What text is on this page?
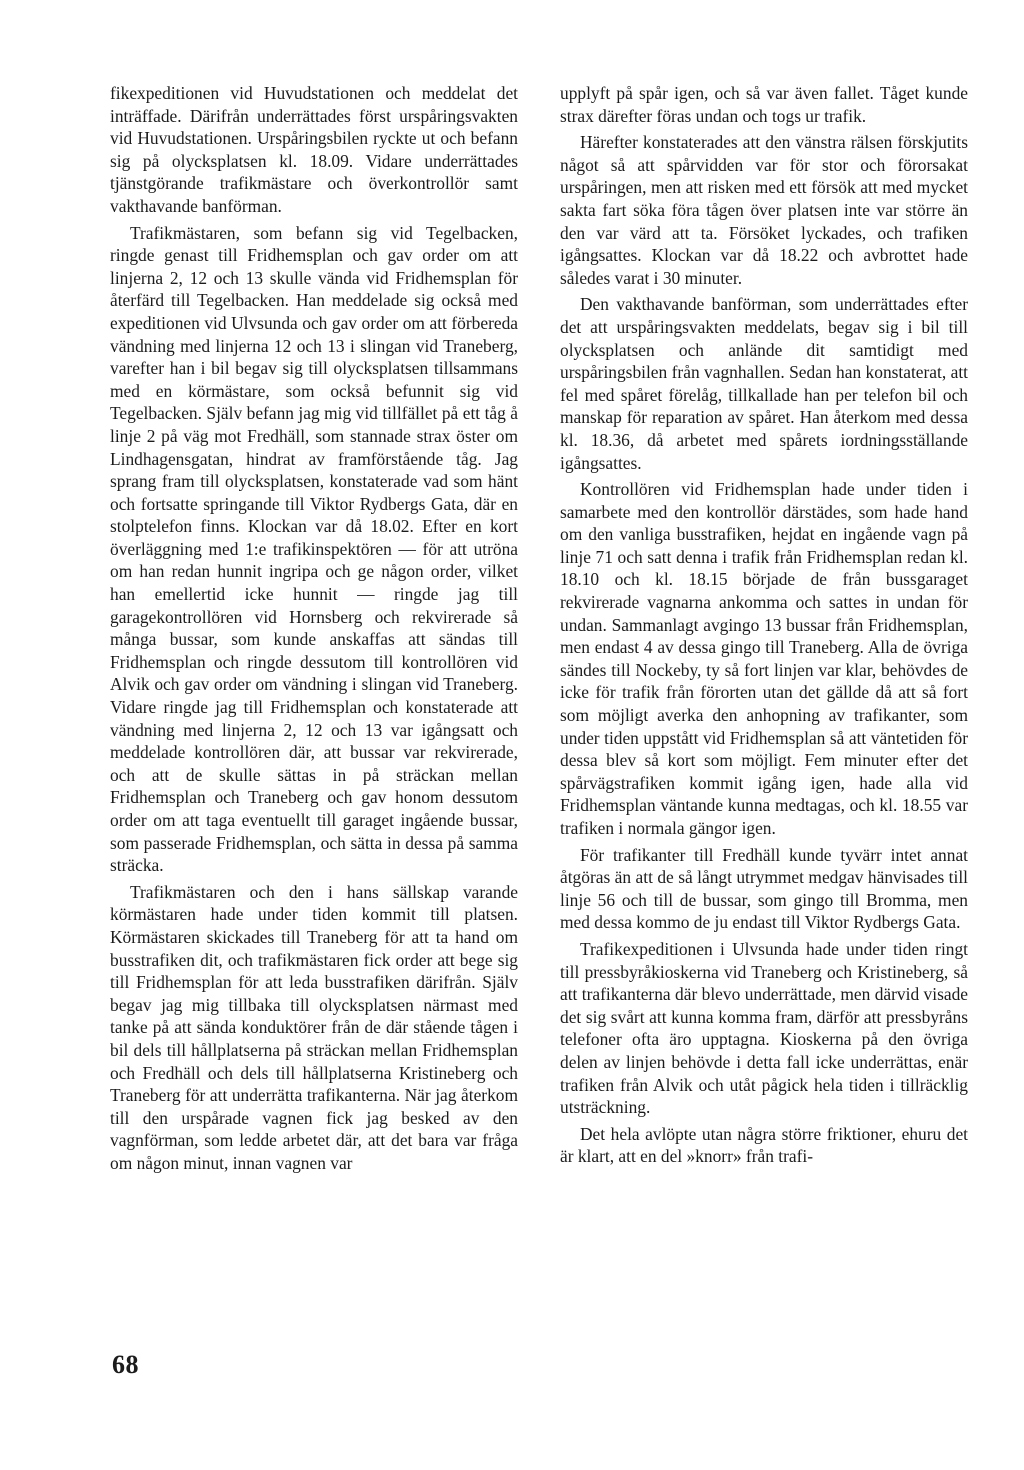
fikexpeditionen vid Huvudstationen och meddelat det inträffade. Därifrån underrättades först urspåringsvakten vid Huvudstationen. Urspåringsbilen ryckte ut och befann sig på olycksplatsen kl. 18.09. Vidare underrättades tjänstgörande trafikmästare och överkontrollör samt vakthavande banförman.

Trafikmästaren, som befann sig vid Tegelbacken, ringde genast till Fridhemsplan och gav order om att linjerna 2, 12 och 13 skulle vända vid Fridhemsplan för återfärd till Tegelbacken. Han meddelade sig också med expeditionen vid Ulvsunda och gav order om att förbereda vändning med linjerna 12 och 13 i slingan vid Traneberg, varefter han i bil begav sig till olycksplatsen tillsammans med en körmästare, som också befunnit sig vid Tegelbacken. Själv befann jag mig vid tillfället på ett tåg å linje 2 på väg mot Fredhäll, som stannade strax öster om Lindhagensgatan, hindrat av framförstående tåg. Jag sprang fram till olycksplatsen, konstaterade vad som hänt och fortsatte springande till Viktor Rydbergs Gata, där en stolptelefon finns. Klockan var då 18.02. Efter en kort överläggning med 1:e trafikinspektören — för att utröna om han redan hunnit ingripa och ge någon order, vilket han emellertid icke hunnit — ringde jag till garagekontrollören vid Hornsberg och rekvirerade så många bussar, som kunde anskaffas att sändas till Fridhemsplan och ringde dessutom till kontrollören vid Alvik och gav order om vändning i slingan vid Traneberg. Vidare ringde jag till Fridhemsplan och konstaterade att vändning med linjerna 2, 12 och 13 var igångsatt och meddelade kontrollören där, att bussar var rekvirerade, och att de skulle sättas in på sträckan mellan Fridhemsplan och Traneberg och gav honom dessutom order om att taga eventuellt till garaget ingående bussar, som passerade Fridhemsplan, och sätta in dessa på samma sträcka.

Trafikmästaren och den i hans sällskap varande körmästaren hade under tiden kommit till platsen. Körmästaren skickades till Traneberg för att ta hand om busstrafiken dit, och trafikmästaren fick order att bege sig till Fridhemsplan för att leda busstrafiken därifrån. Själv begav jag mig tillbaka till olycksplatsen närmast med tanke på att sända konduktörer från de där stående tågen i bil dels till hållplatserna på sträckan mellan Fridhemsplan och Fredhäll och dels till hållplatserna Kristineberg och Traneberg för att underrätta trafikanterna. När jag återkom till den urspårade vagnen fick jag besked av den vagnförman, som ledde arbetet där, att det bara var fråga om någon minut, innan vagnen var

upplyft på spår igen, och så var även fallet. Tåget kunde strax därefter föras undan och togs ur trafik.

Härefter konstaterades att den vänstra rälsen förskjutits något så att spårvidden var för stor och förorsakat urspåringen, men att risken med ett försök att med mycket sakta fart söka föra tågen över platsen inte var större än den var värd att ta. Försöket lyckades, och trafiken igångsattes. Klockan var då 18.22 och avbrottet hade således varat i 30 minuter.

Den vakthavande banförman, som underrättades efter det att urspåringsvakten meddelats, begav sig i bil till olycksplatsen och anlände dit samtidigt med urspåringsbilen från vagnhallen. Sedan han konstaterat, att fel med spåret förelåg, tillkallade han per telefon bil och manskap för reparation av spåret. Han återkom med dessa kl. 18.36, då arbetet med spårets iordningsställande igångsattes.

Kontrollören vid Fridhemsplan hade under tiden i samarbete med den kontrollör därstädes, som hade hand om den vanliga busstrafiken, hejdat en ingående vagn på linje 71 och satt denna i trafik från Fridhemsplan redan kl. 18.10 och kl. 18.15 började de från bussgaraget rekvirerade vagnarna ankomma och sattes in undan för undan. Sammanlagt avgingo 13 bussar från Fridhemsplan, men endast 4 av dessa gingo till Traneberg. Alla de övriga sändes till Nockeby, ty så fort linjen var klar, behövdes de icke för trafik från förorten utan det gällde då att så fort som möjligt averka den anhopning av trafikanter, som under tiden uppstått vid Fridhemsplan så att väntetiden för dessa blev så kort som möjligt. Fem minuter efter det spårvägstrafiken kommit igång igen, hade alla vid Fridhemsplan väntande kunna medtagas, och kl. 18.55 var trafiken i normala gängor igen.

För trafikanter till Fredhäll kunde tyvärr intet annat åtgöras än att de så långt utrymmet medgav hänvisades till linje 56 och till de bussar, som gingo till Bromma, men med dessa kommo de ju endast till Viktor Rydbergs Gata.

Trafikexpeditionen i Ulvsunda hade under tiden ringt till pressbyråkioskerna vid Traneberg och Kristineberg, så att trafikanterna där blevo underrättade, men därvid visade det sig svårt att kunna komma fram, därför att pressbyråns telefoner ofta äro upptagna. Kioskerna på den övriga delen av linjen behövde i detta fall icke underrättas, enär trafiken från Alvik och utåt pågick hela tiden i tillräcklig utsträckning.

Det hela avlöpte utan några större friktioner, ehuru det är klart, att en del »knorr» från trafi-

68
